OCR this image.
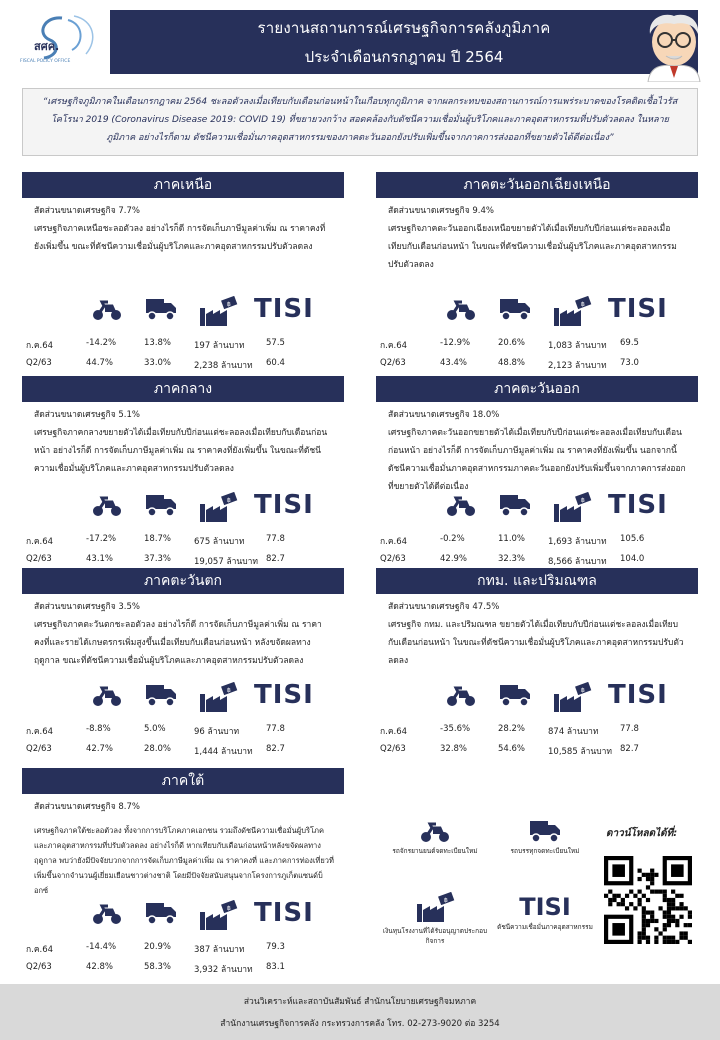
สศค.
FISCAL POLICY OFFICE
รายงานสถานการณ์เศรษฐกิจการคลังภูมิภาค
ประจำเดือนกรกฎาคม ปี 2564
“เศรษฐกิจภูมิภาคในเดือนกรกฎาคม 2564 ชะลอตัวลงเมื่อเทียบกับเดือนก่อนหน้าในเกือบทุกภูมิภาค จากผลกระทบของสถานการณ์การแพร่ระบาดของโรคติดเชื้อไวรัสโคโรนา 2019 (Coronavirus Disease 2019: COVID 19) ที่ขยายวงกว้าง สอดคล้องกับดัชนีความเชื่อมั่นผู้บริโภคและภาคอุตสาหกรรมที่ปรับตัวลดลง ในหลายภูมิภาค อย่างไรก็ตาม ดัชนีความเชื่อมั่นภาคอุตสาหกรรมของภาคตะวันออกยังปรับเพิ่มขึ้นจากภาคการส่งออกที่ขยายตัวได้ดีต่อเนื่อง”
ภาคเหนือ
สัดส่วนขนาดเศรษฐกิจ 7.7%
เศรษฐกิจภาคเหนือชะลอตัวลง อย่างไรก็ดี การจัดเก็บภาษีมูลค่าเพิ่ม ณ ราคาคงที่ยังเพิ่มขึ้น ขณะที่ดัชนีความเชื่อมั่นผู้บริโภคและภาคอุตสาหกรรมปรับตัวลดลง
฿ TISI
ก.ค.64	-14.2%	13.8%	197 ล้านบาท	57.5
Q2/63	44.7%	33.0%	2,238 ล้านบาท 60.4
ภาคตะวันออกเฉียงเหนือ
สัดส่วนขนาดเศรษฐกิจ 9.4%
เศรษฐกิจภาคตะวันออกเฉียงเหนือขยายตัวได้เมื่อเทียบกับปีก่อนแต่ชะลอลงเมื่อเทียบกับเดือนก่อนหน้า ในขณะที่ดัชนีความเชื่อมั่นผู้บริโภคและภาคอุตสาหกรรมปรับตัวลดลง
฿ TISI
ก.ค.64	-12.9%	20.6%	1,083 ล้านบาท 69.5
Q2/63	43.4%	48.8%	2,123 ล้านบาท 73.0
ภาคกลาง
สัดส่วนขนาดเศรษฐกิจ 5.1%
เศรษฐกิจภาคกลางขยายตัวได้เมื่อเทียบกับปีก่อนแต่ชะลอลงเมื่อเทียบกับเดือนก่อนหน้า อย่างไรก็ดี การจัดเก็บภาษีมูลค่าเพิ่ม ณ ราคาคงที่ยังเพิ่มขึ้น ในขณะที่ดัชนีความเชื่อมั่นผู้บริโภคและภาคอุตสาหกรรมปรับตัวลดลง
฿ TISI
ก.ค.64	-17.2%	18.7%	675 ล้านบาท	77.8
Q2/63	43.1%	37.3%	19,057 ล้านบาท 82.7
ภาคตะวันออก
สัดส่วนขนาดเศรษฐกิจ 18.0%
เศรษฐกิจภาคตะวันออกขยายตัวได้เมื่อเทียบกับปีก่อนแต่ชะลอลงเมื่อเทียบกับเดือนก่อนหน้า อย่างไรก็ดี การจัดเก็บภาษีมูลค่าเพิ่ม ณ ราคาคงที่ยังเพิ่มขึ้น นอกจากนี้ ดัชนีความเชื่อมั่นภาคอุตสาหกรรมภาคตะวันออกยังปรับเพิ่มขึ้นจากภาคการส่งออกที่ขยายตัวได้ดีต่อเนื่อง
฿ TISI
ก.ค.64	-0.2%	11.0%	1,693 ล้านบาท 105.6
Q2/63	42.9%	32.3%	8,566 ล้านบาท 104.0
ภาคตะวันตก
สัดส่วนขนาดเศรษฐกิจ 3.5%
เศรษฐกิจภาคตะวันตกชะลอตัวลง อย่างไรก็ดี การจัดเก็บภาษีมูลค่าเพิ่ม ณ ราคาคงที่และรายได้เกษตรกรเพิ่มสูงขึ้นเมื่อเทียบกับเดือนก่อนหน้า หลังขจัดผลทางฤดูกาล ขณะที่ดัชนีความเชื่อมั่นผู้บริโภคและภาคอุตสาหกรรมปรับตัวลดลง
฿ TISI
ก.ค.64	-8.8%	5.0%	96 ล้านบาท	77.8
Q2/63	42.7%	28.0%	1,444 ล้านบาท 82.7
กทม. และปริมณฑล
สัดส่วนขนาดเศรษฐกิจ 47.5%
เศรษฐกิจ กทม. และปริมณฑล ขยายตัวได้เมื่อเทียบกับปีก่อนแต่ชะลอลงเมื่อเทียบกับเดือนก่อนหน้า ในขณะที่ดัชนีความเชื่อมั่นผู้บริโภคและภาคอุตสาหกรรมปรับตัวลดลง
฿ TISI
ก.ค.64	-35.6%	28.2%	874 ล้านบาท	77.8
Q2/63	32.8%	54.6%	10,585 ล้านบาท 82.7
ภาคใต้
สัดส่วนขนาดเศรษฐกิจ 8.7%
เศรษฐกิจภาคใต้ชะลอตัวลง ทั้งจากการบริโภคภาคเอกชน รวมถึงดัชนีความเชื่อมั่นผู้บริโภคและภาคอุตสาหกรรมที่ปรับตัวลดลง อย่างไรก็ดี หากเทียบกับเดือนก่อนหน้าหลังขจัดผลทางฤดูกาล พบว่ายังมีปัจจัยบวกจากการจัดเก็บภาษีมูลค่าเพิ่ม ณ ราคาคงที่ และภาคการท่องเที่ยวที่เพิ่มขึ้นจากจำนวนผู้เยี่ยมเยือนชาวต่างชาติ โดยมีปัจจัยสนับสนุนจากโครงการภูเก็ตแซนด์บ็อกซ์
฿ TISI
ก.ค.64	-14.4%	20.9%	387 ล้านบาท	79.3
Q2/63	42.8%	58.3%	3,932 ล้านบาท 83.1
รถจักรยานยนต์จดทะเบียนใหม่	รถบรรทุกจดทะเบียนใหม่
฿
เงินทุนโรงงานที่ได้รับอนุญาตประกอบกิจการ
TISI
ดัชนีความเชื่อมั่นภาคอุตสาหกรรม
ดาวน์โหลดได้ที่:
ส่วนวิเคราะห์และสถาบันสัมพันธ์ สำนักนโยบายเศรษฐกิจมหภาค
สำนักงานเศรษฐกิจการคลัง กระทรวงการคลัง โทร. 02-273-9020 ต่อ 3254
